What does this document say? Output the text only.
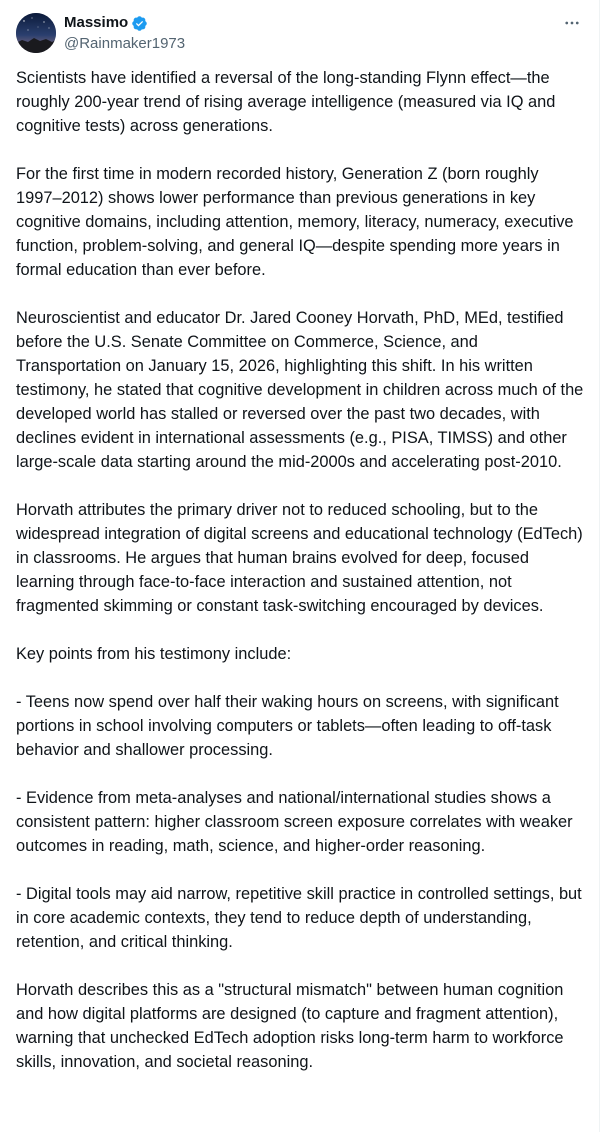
Massimo
@Rainmaker1973

Scientists have identified a reversal of the long-standing Flynn effect—the roughly 200-year trend of rising average intelligence (measured via IQ and cognitive tests) across generations.

For the first time in modern recorded history, Generation Z (born roughly 1997–2012) shows lower performance than previous generations in key cognitive domains, including attention, memory, literacy, numeracy, executive function, problem-solving, and general IQ—despite spending more years in formal education than ever before.

Neuroscientist and educator Dr. Jared Cooney Horvath, PhD, MEd, testified before the U.S. Senate Committee on Commerce, Science, and Transportation on January 15, 2026, highlighting this shift. In his written testimony, he stated that cognitive development in children across much of the developed world has stalled or reversed over the past two decades, with declines evident in international assessments (e.g., PISA, TIMSS) and other large-scale data starting around the mid-2000s and accelerating post-2010.

Horvath attributes the primary driver not to reduced schooling, but to the widespread integration of digital screens and educational technology (EdTech) in classrooms. He argues that human brains evolved for deep, focused learning through face-to-face interaction and sustained attention, not fragmented skimming or constant task-switching encouraged by devices.

Key points from his testimony include:

- Teens now spend over half their waking hours on screens, with significant portions in school involving computers or tablets—often leading to off-task behavior and shallower processing.

- Evidence from meta-analyses and national/international studies shows a consistent pattern: higher classroom screen exposure correlates with weaker outcomes in reading, math, science, and higher-order reasoning.

- Digital tools may aid narrow, repetitive skill practice in controlled settings, but in core academic contexts, they tend to reduce depth of understanding, retention, and critical thinking.

Horvath describes this as a "structural mismatch" between human cognition and how digital platforms are designed (to capture and fragment attention), warning that unchecked EdTech adoption risks long-term harm to workforce skills, innovation, and societal reasoning.
